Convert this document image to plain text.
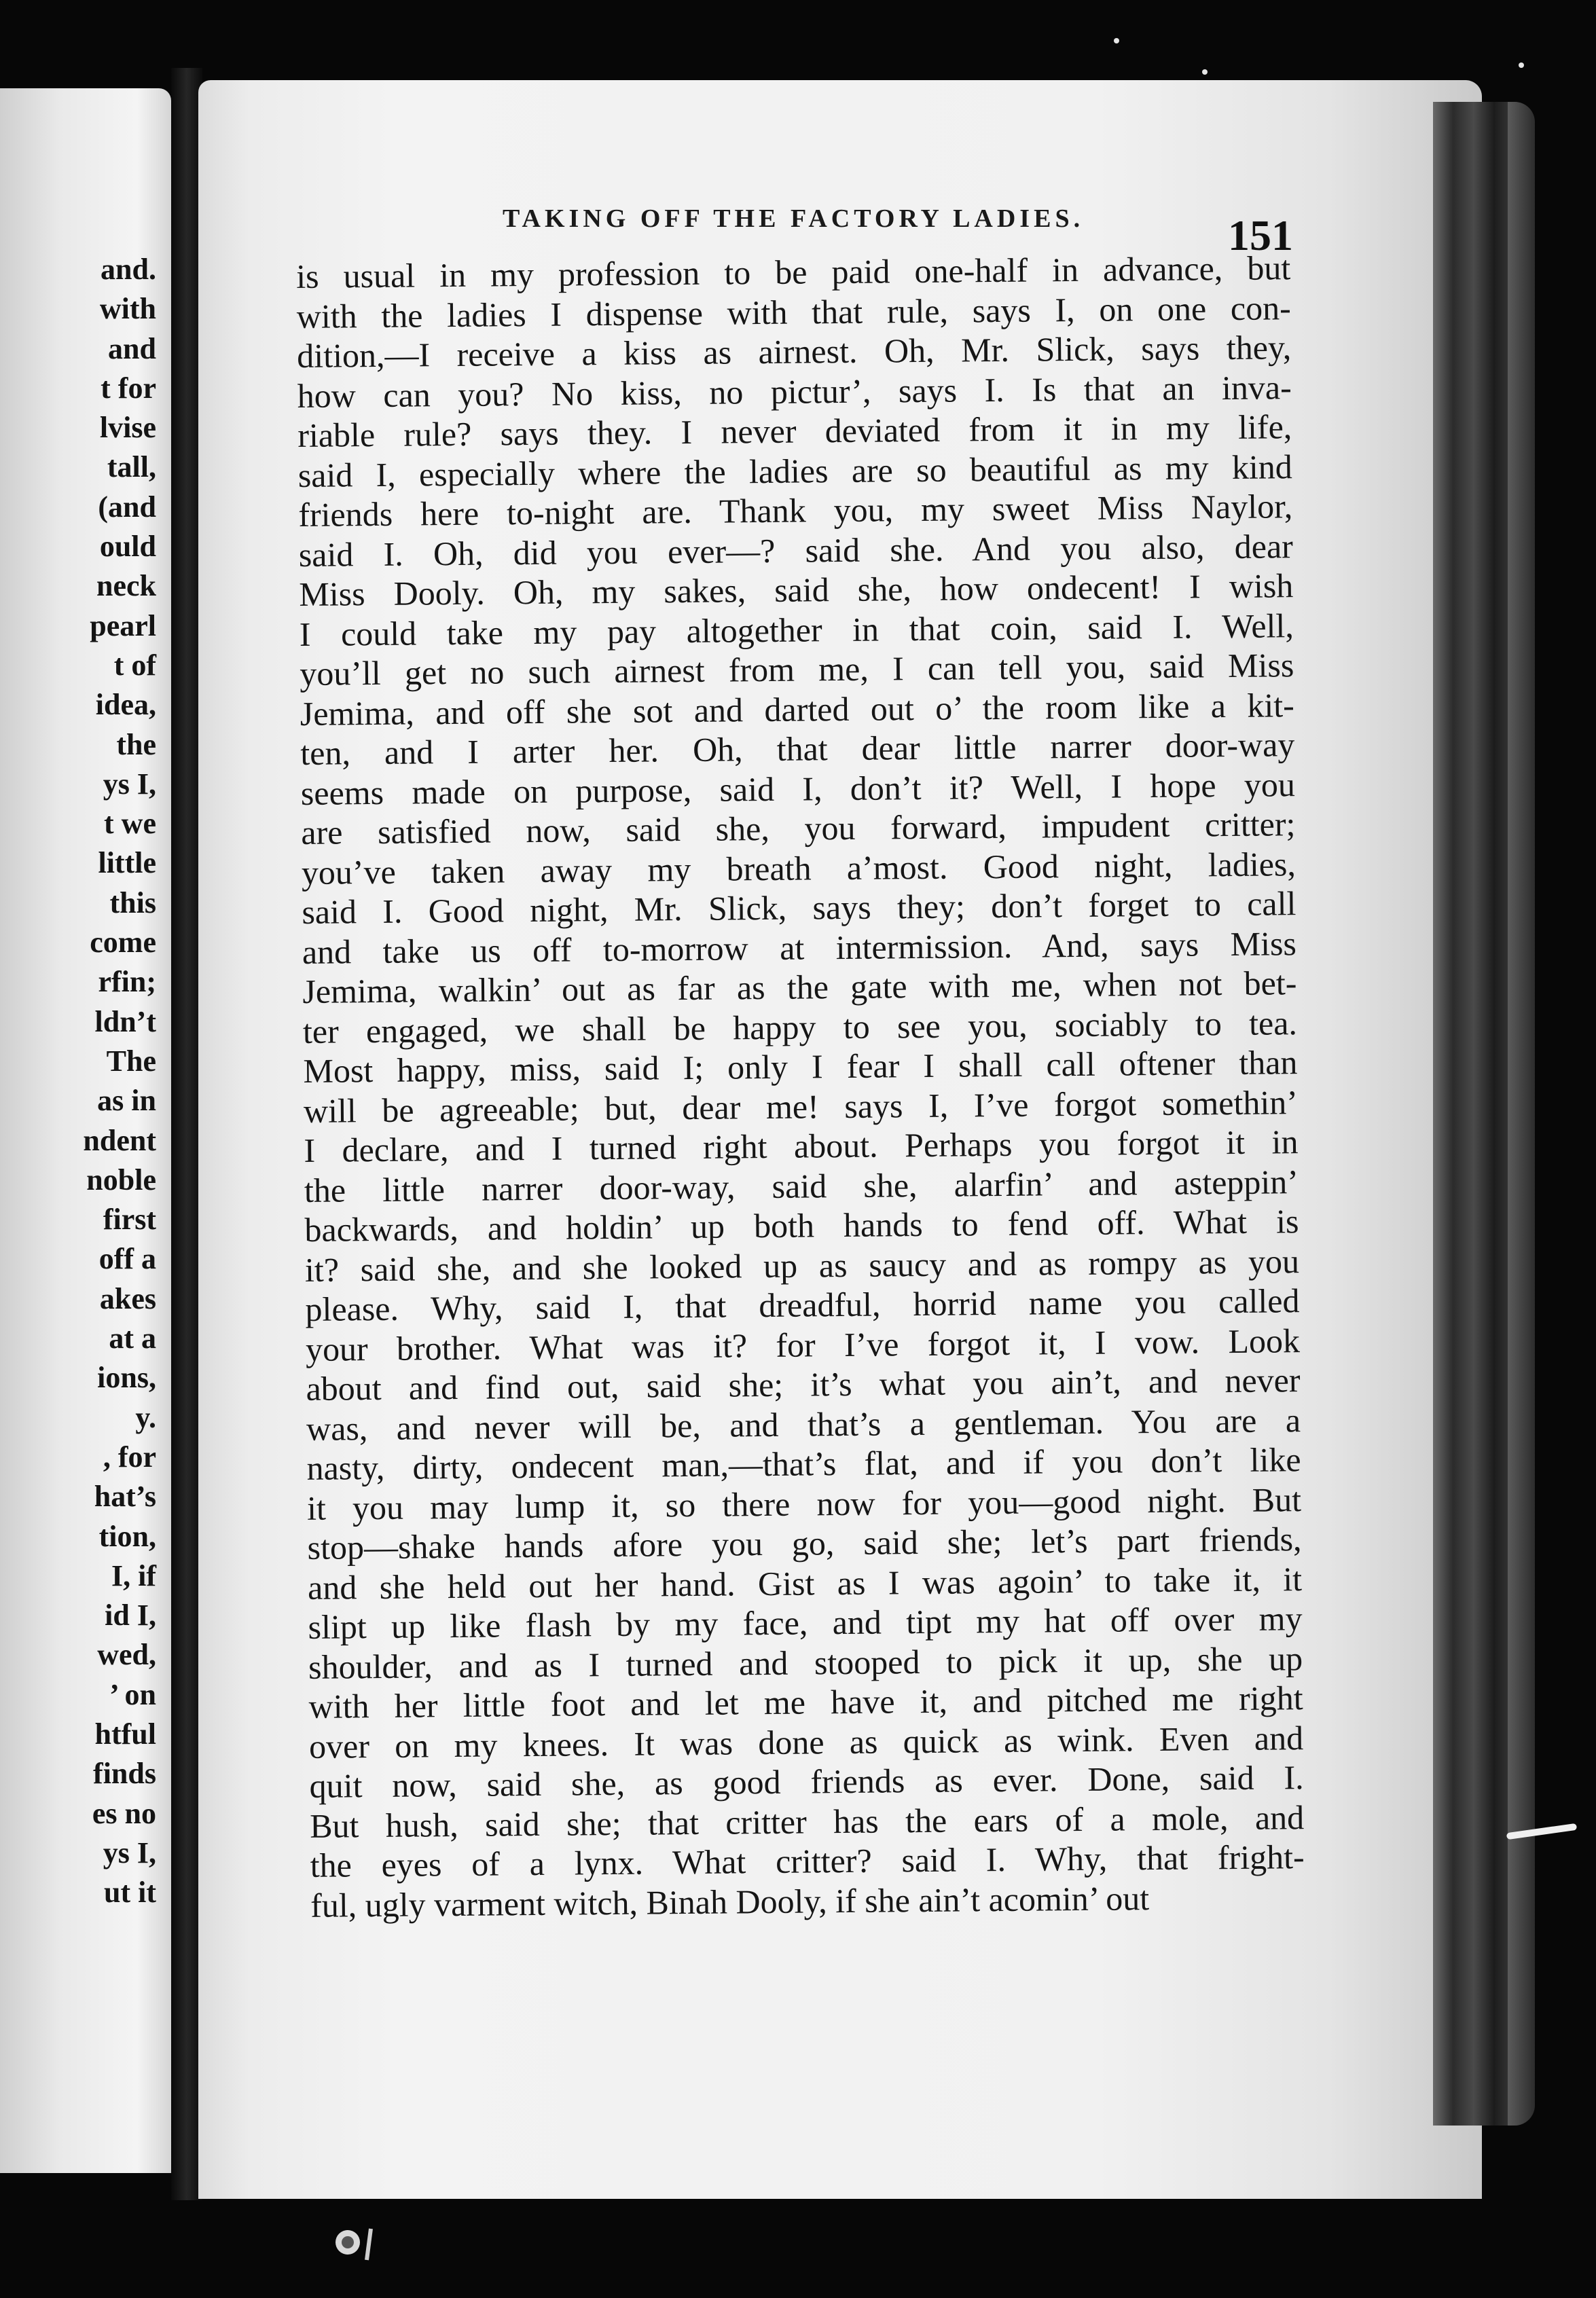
and.
with
and
t for
lvise
tall,
(and
ould
neck
pearl
t of
idea,
the
ys I,
t we
little
this
come
rfin;
ldn’t
The
as in
ndent
noble
first
off a
akes
at a
ions,
y.
, for
hat’s
tion,
I, if
id I,
wed,
’ on
htful
finds
es no
ys I,
ut it
TAKING OFF THE FACTORY LADIES.	151
is usual in my profession to be paid one-half in advance, but
with the ladies I dispense with that rule, says I, on one con-
dition,—I receive a kiss as airnest. Oh, Mr. Slick, says they,
how can you? No kiss, no pictur’, says I. Is that an inva-
riable rule? says they. I never deviated from it in my life,
said I, especially where the ladies are so beautiful as my kind
friends here to-night are. Thank you, my sweet Miss Naylor,
said I. Oh, did you ever—? said she. And you also, dear
Miss Dooly. Oh, my sakes, said she, how ondecent! I wish
I could take my pay altogether in that coin, said I. Well,
you’ll get no such airnest from me, I can tell you, said Miss
Jemima, and off she sot and darted out o’ the room like a kit-
ten, and I arter her. Oh, that dear little narrer door-way
seems made on purpose, said I, don’t it? Well, I hope you
are satisfied now, said she, you forward, impudent critter;
you’ve taken away my breath a’most. Good night, ladies,
said I. Good night, Mr. Slick, says they; don’t forget to call
and take us off to-morrow at intermission. And, says Miss
Jemima, walkin’ out as far as the gate with me, when not bet-
ter engaged, we shall be happy to see you, sociably to tea.
Most happy, miss, said I; only I fear I shall call oftener than
will be agreeable; but, dear me! says I, I’ve forgot somethin’
I declare, and I turned right about. Perhaps you forgot it in
the little narrer door-way, said she, alarfin’ and asteppin’
backwards, and holdin’ up both hands to fend off. What is
it? said she, and she looked up as saucy and as rompy as you
please. Why, said I, that dreadful, horrid name you called
your brother. What was it? for I’ve forgot it, I vow. Look
about and find out, said she; it’s what you ain’t, and never
was, and never will be, and that’s a gentleman. You are a
nasty, dirty, ondecent man,—that’s flat, and if you don’t like
it you may lump it, so there now for you—good night. But
stop—shake hands afore you go, said she; let’s part friends,
and she held out her hand. Gist as I was agoin’ to take it, it
slipt up like flash by my face, and tipt my hat off over my
shoulder, and as I turned and stooped to pick it up, she up
with her little foot and let me have it, and pitched me right
over on my knees. It was done as quick as wink. Even and
quit now, said she, as good friends as ever. Done, said I.
But hush, said she; that critter has the ears of a mole, and
the eyes of a lynx. What critter? said I. Why, that fright-
ful, ugly varment witch, Binah Dooly, if she ain’t acomin’ out
